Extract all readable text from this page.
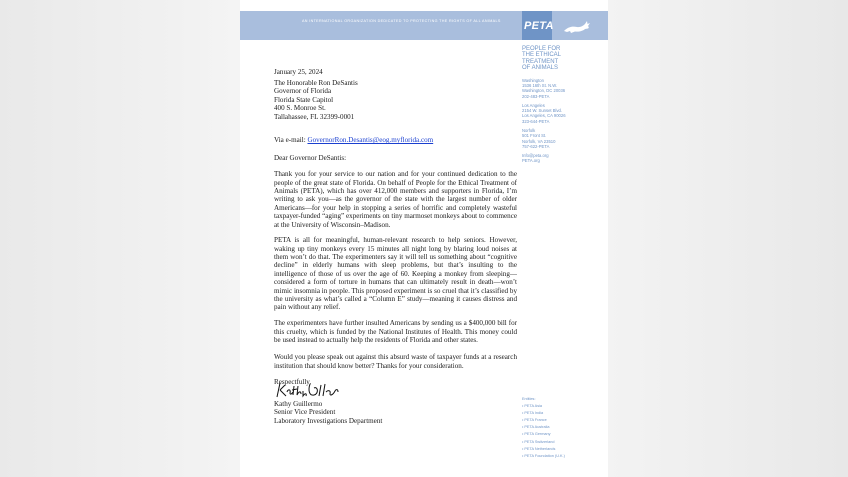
AN INTERNATIONAL ORGANIZATION DEDICATED TO PROTECTING THE RIGHTS OF ALL ANIMALS PETA
PEOPLE FOR
THE ETHICAL
TREATMENT
OF ANIMALS
Washington
1536 16th St. N.W.
Washington, DC 20036
202-483-PETA
Los Angeles
2154 W. Sunset Blvd.
Los Angeles, CA 90026
323-644-PETA
Norfolk
501 Front St.
Norfolk, VA 23510
757-622-PETA
Info@peta.org
PETA.org
Entities:
• PETA Asia
• PETA India
• PETA France
• PETA Australia
• PETA Germany
• PETA Switzerland
• PETA Netherlands
• PETA Foundation (U.K.)

January 25, 2024

The Honorable Ron DeSantis

Governor of Florida

Florida State Capitol

400 S. Monroe St.

Tallahassee, FL 32399-0001

Via e-mail: GovernorRon.Desantis@eog.myflorida.com

Dear Governor DeSantis:

Thank you for your service to our nation and for your continued dedication to the people of the great state of Florida. On behalf of People for the Ethical Treatment of Animals (PETA), which has over 412,000 members and supporters in Florida, I’m writing to ask you—as the governor of the state with the largest number of older Americans—for your help in stopping a series of horrific and completely wasteful taxpayer-funded “aging” experiments on tiny marmoset monkeys about to commence at the University of Wisconsin–Madison.

PETA is all for meaningful, human-relevant research to help seniors. However, waking up tiny monkeys every 15 minutes all night long by blaring loud noises at them won’t do that. The experimenters say it will tell us something about “cognitive decline” in elderly humans with sleep problems, but that’s insulting to the intelligence of those of us over the age of 60. Keeping a monkey from sleeping—considered a form of torture in humans that can ultimately result in death—won’t mimic insomnia in people. This proposed experiment is so cruel that it’s classified by the university as what’s called a “Column E” study—meaning it causes distress and pain without any relief.

The experimenters have further insulted Americans by sending us a $400,000 bill for this cruelty, which is funded by the National Institutes of Health. This money could be used instead to actually help the residents of Florida and other states.

Would you please speak out against this absurd waste of taxpayer funds at a research institution that should know better? Thanks for your consideration.

Respectfully,

Kathy Guillermo

Senior Vice President

Laboratory Investigations Department
